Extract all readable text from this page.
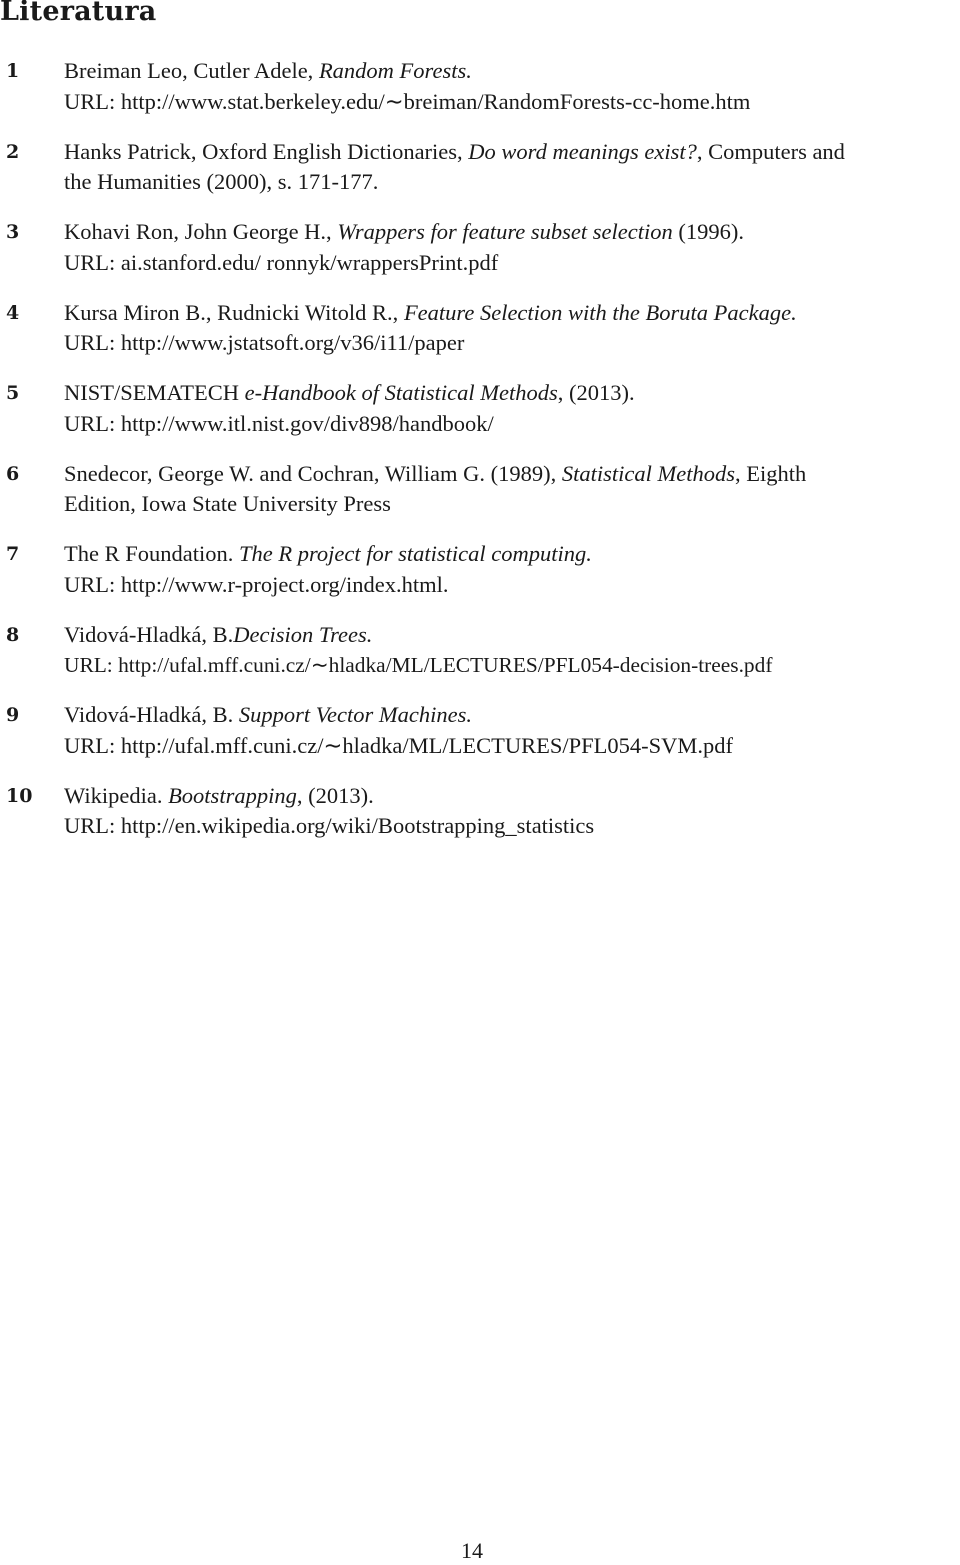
Literatura
1	Breiman Leo, Cutler Adele, Random Forests.
URL: http://www.stat.berkeley.edu/∼breiman/RandomForests-cc-home.htm
2	Hanks Patrick, Oxford English Dictionaries, Do word meanings exist?, Computers and
the Humanities (2000), s. 171-177.
3	Kohavi Ron, John George H., Wrappers for feature subset selection (1996).
URL: ai.stanford.edu/ ronnyk/wrappersPrint.pdf
4	Kursa Miron B., Rudnicki Witold R., Feature Selection with the Boruta Package.
URL: http://www.jstatsoft.org/v36/i11/paper
5	NIST/SEMATECH e-Handbook of Statistical Methods, (2013).
URL: http://www.itl.nist.gov/div898/handbook/
6	Snedecor, George W. and Cochran, William G. (1989), Statistical Methods, Eighth
Edition, Iowa State University Press
7	The R Foundation. The R project for statistical computing.
URL: http://www.r-project.org/index.html.
8	Vidová-Hladká, B.Decision Trees.
URL: http://ufal.mff.cuni.cz/∼hladka/ML/LECTURES/PFL054-decision-trees.pdf
9	Vidová-Hladká, B. Support Vector Machines.
URL: http://ufal.mff.cuni.cz/∼hladka/ML/LECTURES/PFL054-SVM.pdf
10	Wikipedia. Bootstrapping, (2013).
URL: http://en.wikipedia.org/wiki/Bootstrapping_statistics
14
